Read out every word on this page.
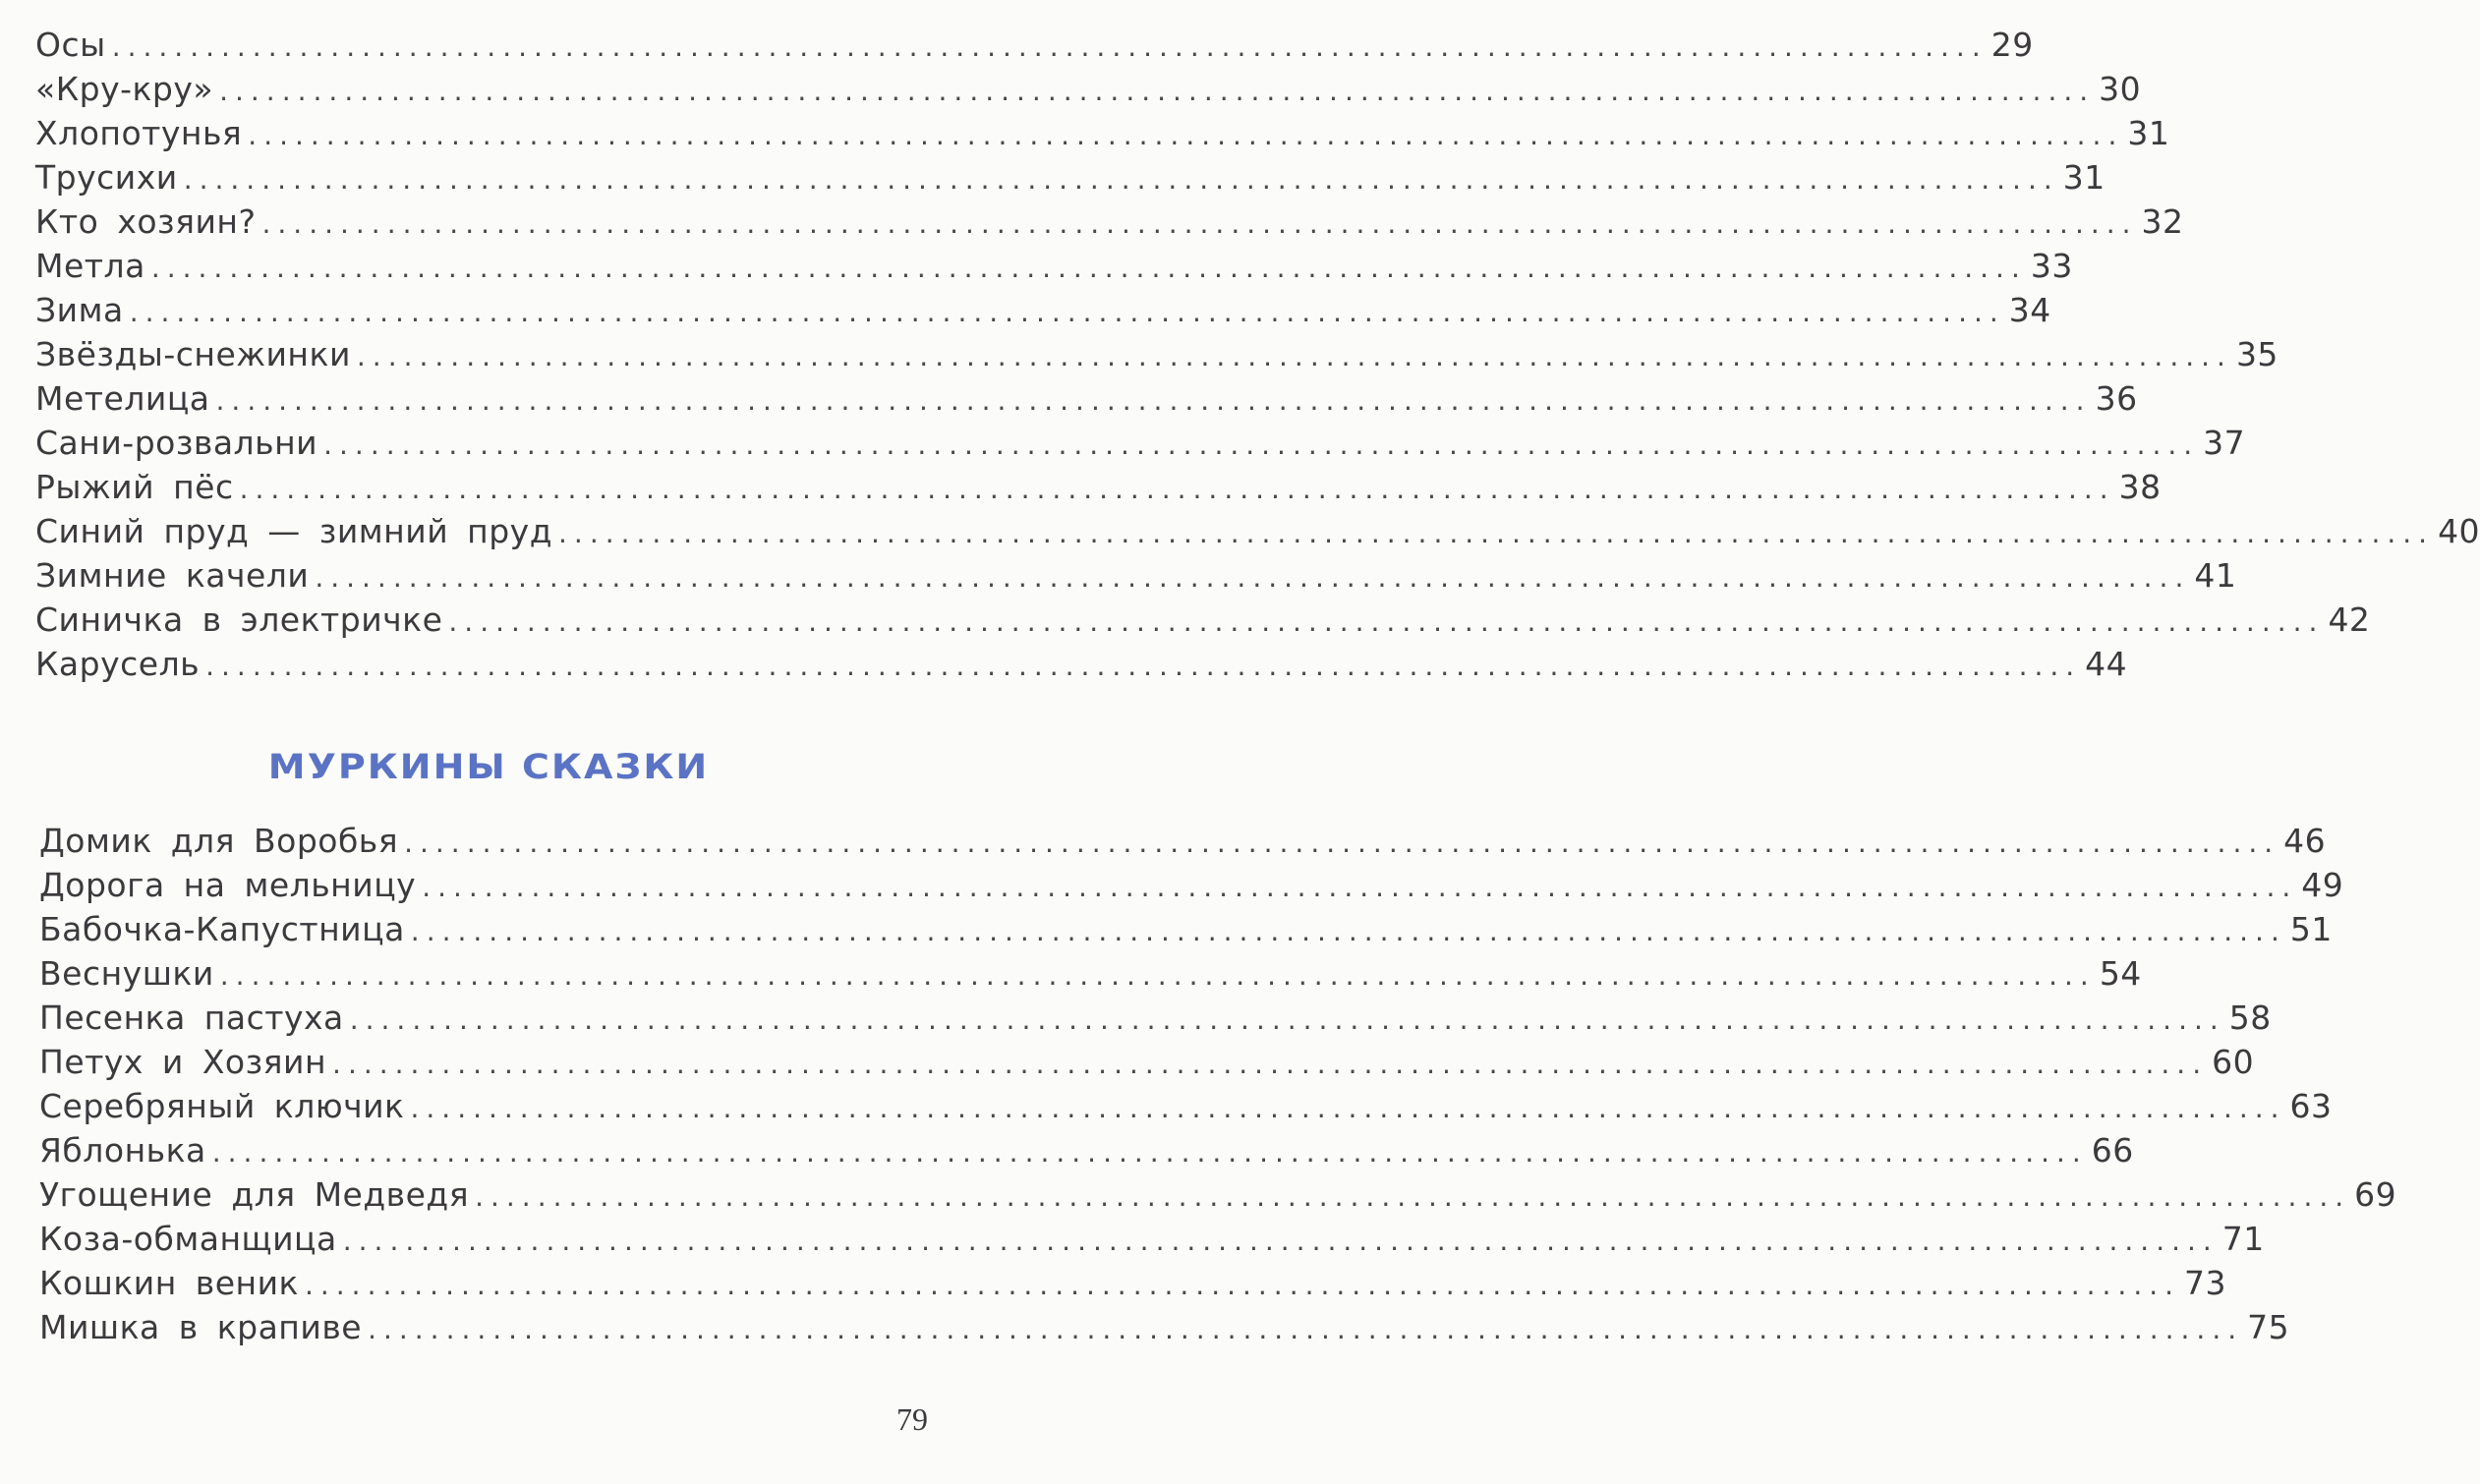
Осы ........................................................................................................................ 29
«Кру-кру» ........................................................................................................................ 30
Хлопотунья ........................................................................................................................ 31
Трусихи ........................................................................................................................ 31
Кто хозяин? ........................................................................................................................ 32
Метла ........................................................................................................................ 33
Зима ........................................................................................................................ 34
Звёзды-снежинки ........................................................................................................................ 35
Метелица ........................................................................................................................ 36
Сани-розвальни ........................................................................................................................ 37
Рыжий пёс ........................................................................................................................ 38
Синий пруд — зимний пруд ........................................................................................................................ 40
Зимние качели ........................................................................................................................ 41
Синичка в электричке ........................................................................................................................ 42
Карусель ........................................................................................................................ 44
МУРКИНЫ СКАЗКИ
Домик для Воробья ........................................................................................................................ 46
Дорога на мельницу ........................................................................................................................ 49
Бабочка-Капустница ........................................................................................................................ 51
Веснушки ........................................................................................................................ 54
Песенка пастуха ........................................................................................................................ 58
Петух и Хозяин ........................................................................................................................ 60
Серебряный ключик ........................................................................................................................ 63
Яблонька ........................................................................................................................ 66
Угощение для Медведя ........................................................................................................................ 69
Коза-обманщица ........................................................................................................................ 71
Кошкин веник ........................................................................................................................ 73
Мишка в крапиве ........................................................................................................................ 75
79
